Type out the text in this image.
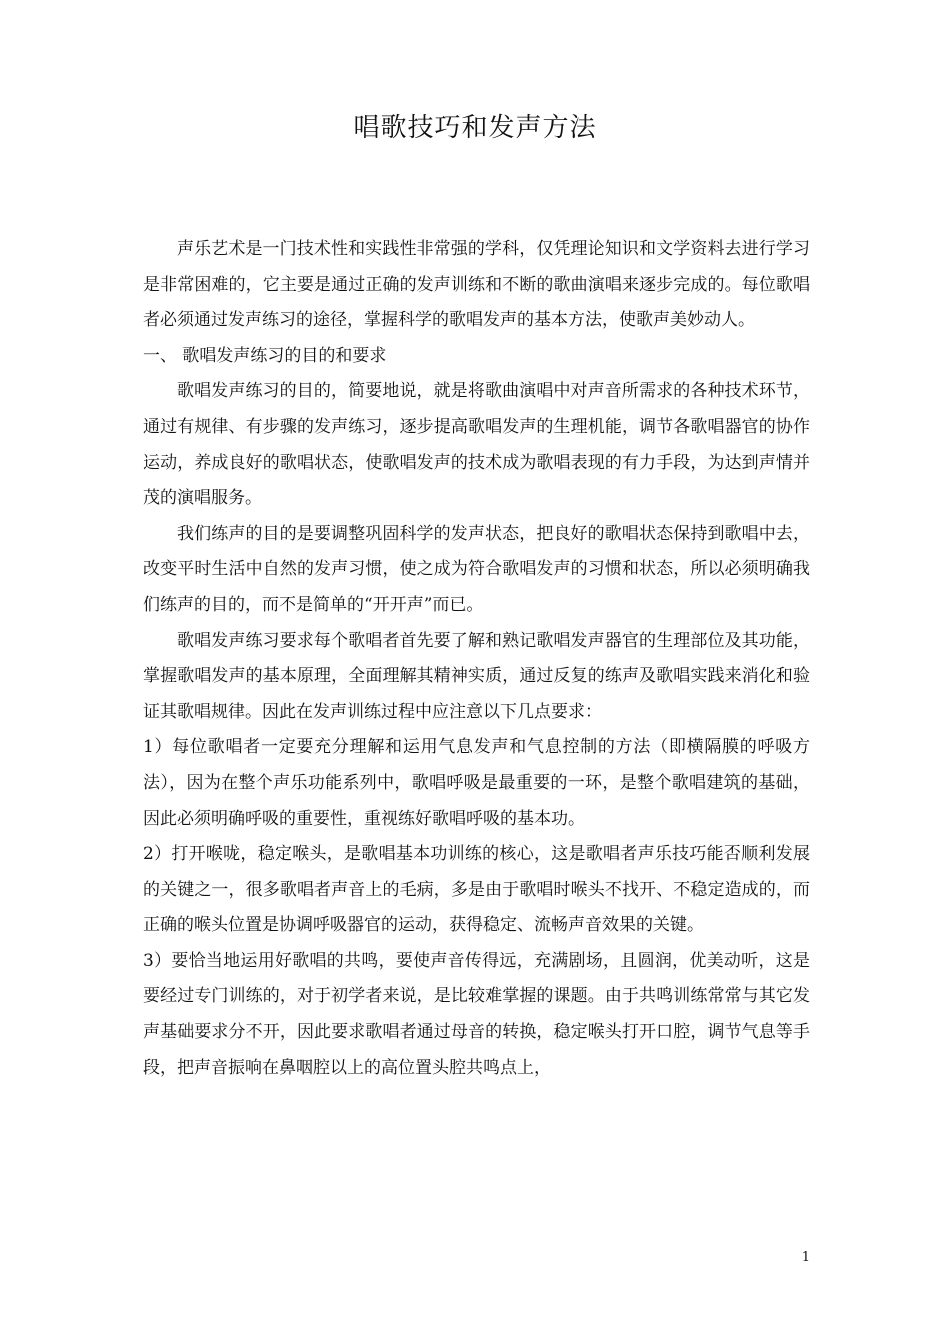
唱歌技巧和发声方法

声乐艺术是一门技术性和实践性非常强的学科，仅凭理论知识和文学资料去进行学习是非常困难的，它主要是通过正确的发声训练和不断的歌曲演唱来逐步完成的。每位歌唱者必须通过发声练习的途径，掌握科学的歌唱发声的基本方法，使歌声美妙动人。

一、 歌唱发声练习的目的和要求

歌唱发声练习的目的，简要地说，就是将歌曲演唱中对声音所需求的各种技术环节，通过有规律、有步骤的发声练习，逐步提高歌唱发声的生理机能，调节各歌唱器官的协作运动，养成良好的歌唱状态，使歌唱发声的技术成为歌唱表现的有力手段，为达到声情并茂的演唱服务。

我们练声的目的是要调整巩固科学的发声状态，把良好的歌唱状态保持到歌唱中去，改变平时生活中自然的发声习惯，使之成为符合歌唱发声的习惯和状态，所以必须明确我们练声的目的，而不是简单的“开开声”而已。

歌唱发声练习要求每个歌唱者首先要了解和熟记歌唱发声器官的生理部位及其功能，掌握歌唱发声的基本原理，全面理解其精神实质，通过反复的练声及歌唱实践来消化和验证其歌唱规律。因此在发声训练过程中应注意以下几点要求：

1）每位歌唱者一定要充分理解和运用气息发声和气息控制的方法（即横隔膜的呼吸方法），因为在整个声乐功能系列中，歌唱呼吸是最重要的一环，是整个歌唱建筑的基础，因此必须明确呼吸的重要性，重视练好歌唱呼吸的基本功。

2）打开喉咙，稳定喉头，是歌唱基本功训练的核心，这是歌唱者声乐技巧能否顺利发展的关键之一，很多歌唱者声音上的毛病，多是由于歌唱时喉头不找开、不稳定造成的，而正确的喉头位置是协调呼吸器官的运动，获得稳定、流畅声音效果的关键。

3）要恰当地运用好歌唱的共鸣，要使声音传得远，充满剧场，且圆润，优美动听，这是要经过专门训练的，对于初学者来说，是比较难掌握的课题。由于共鸣训练常常与其它发声基础要求分不开，因此要求歌唱者通过母音的转换，稳定喉头打开口腔，调节气息等手段，把声音振响在鼻咽腔以上的高位置头腔共鸣点上，

1
